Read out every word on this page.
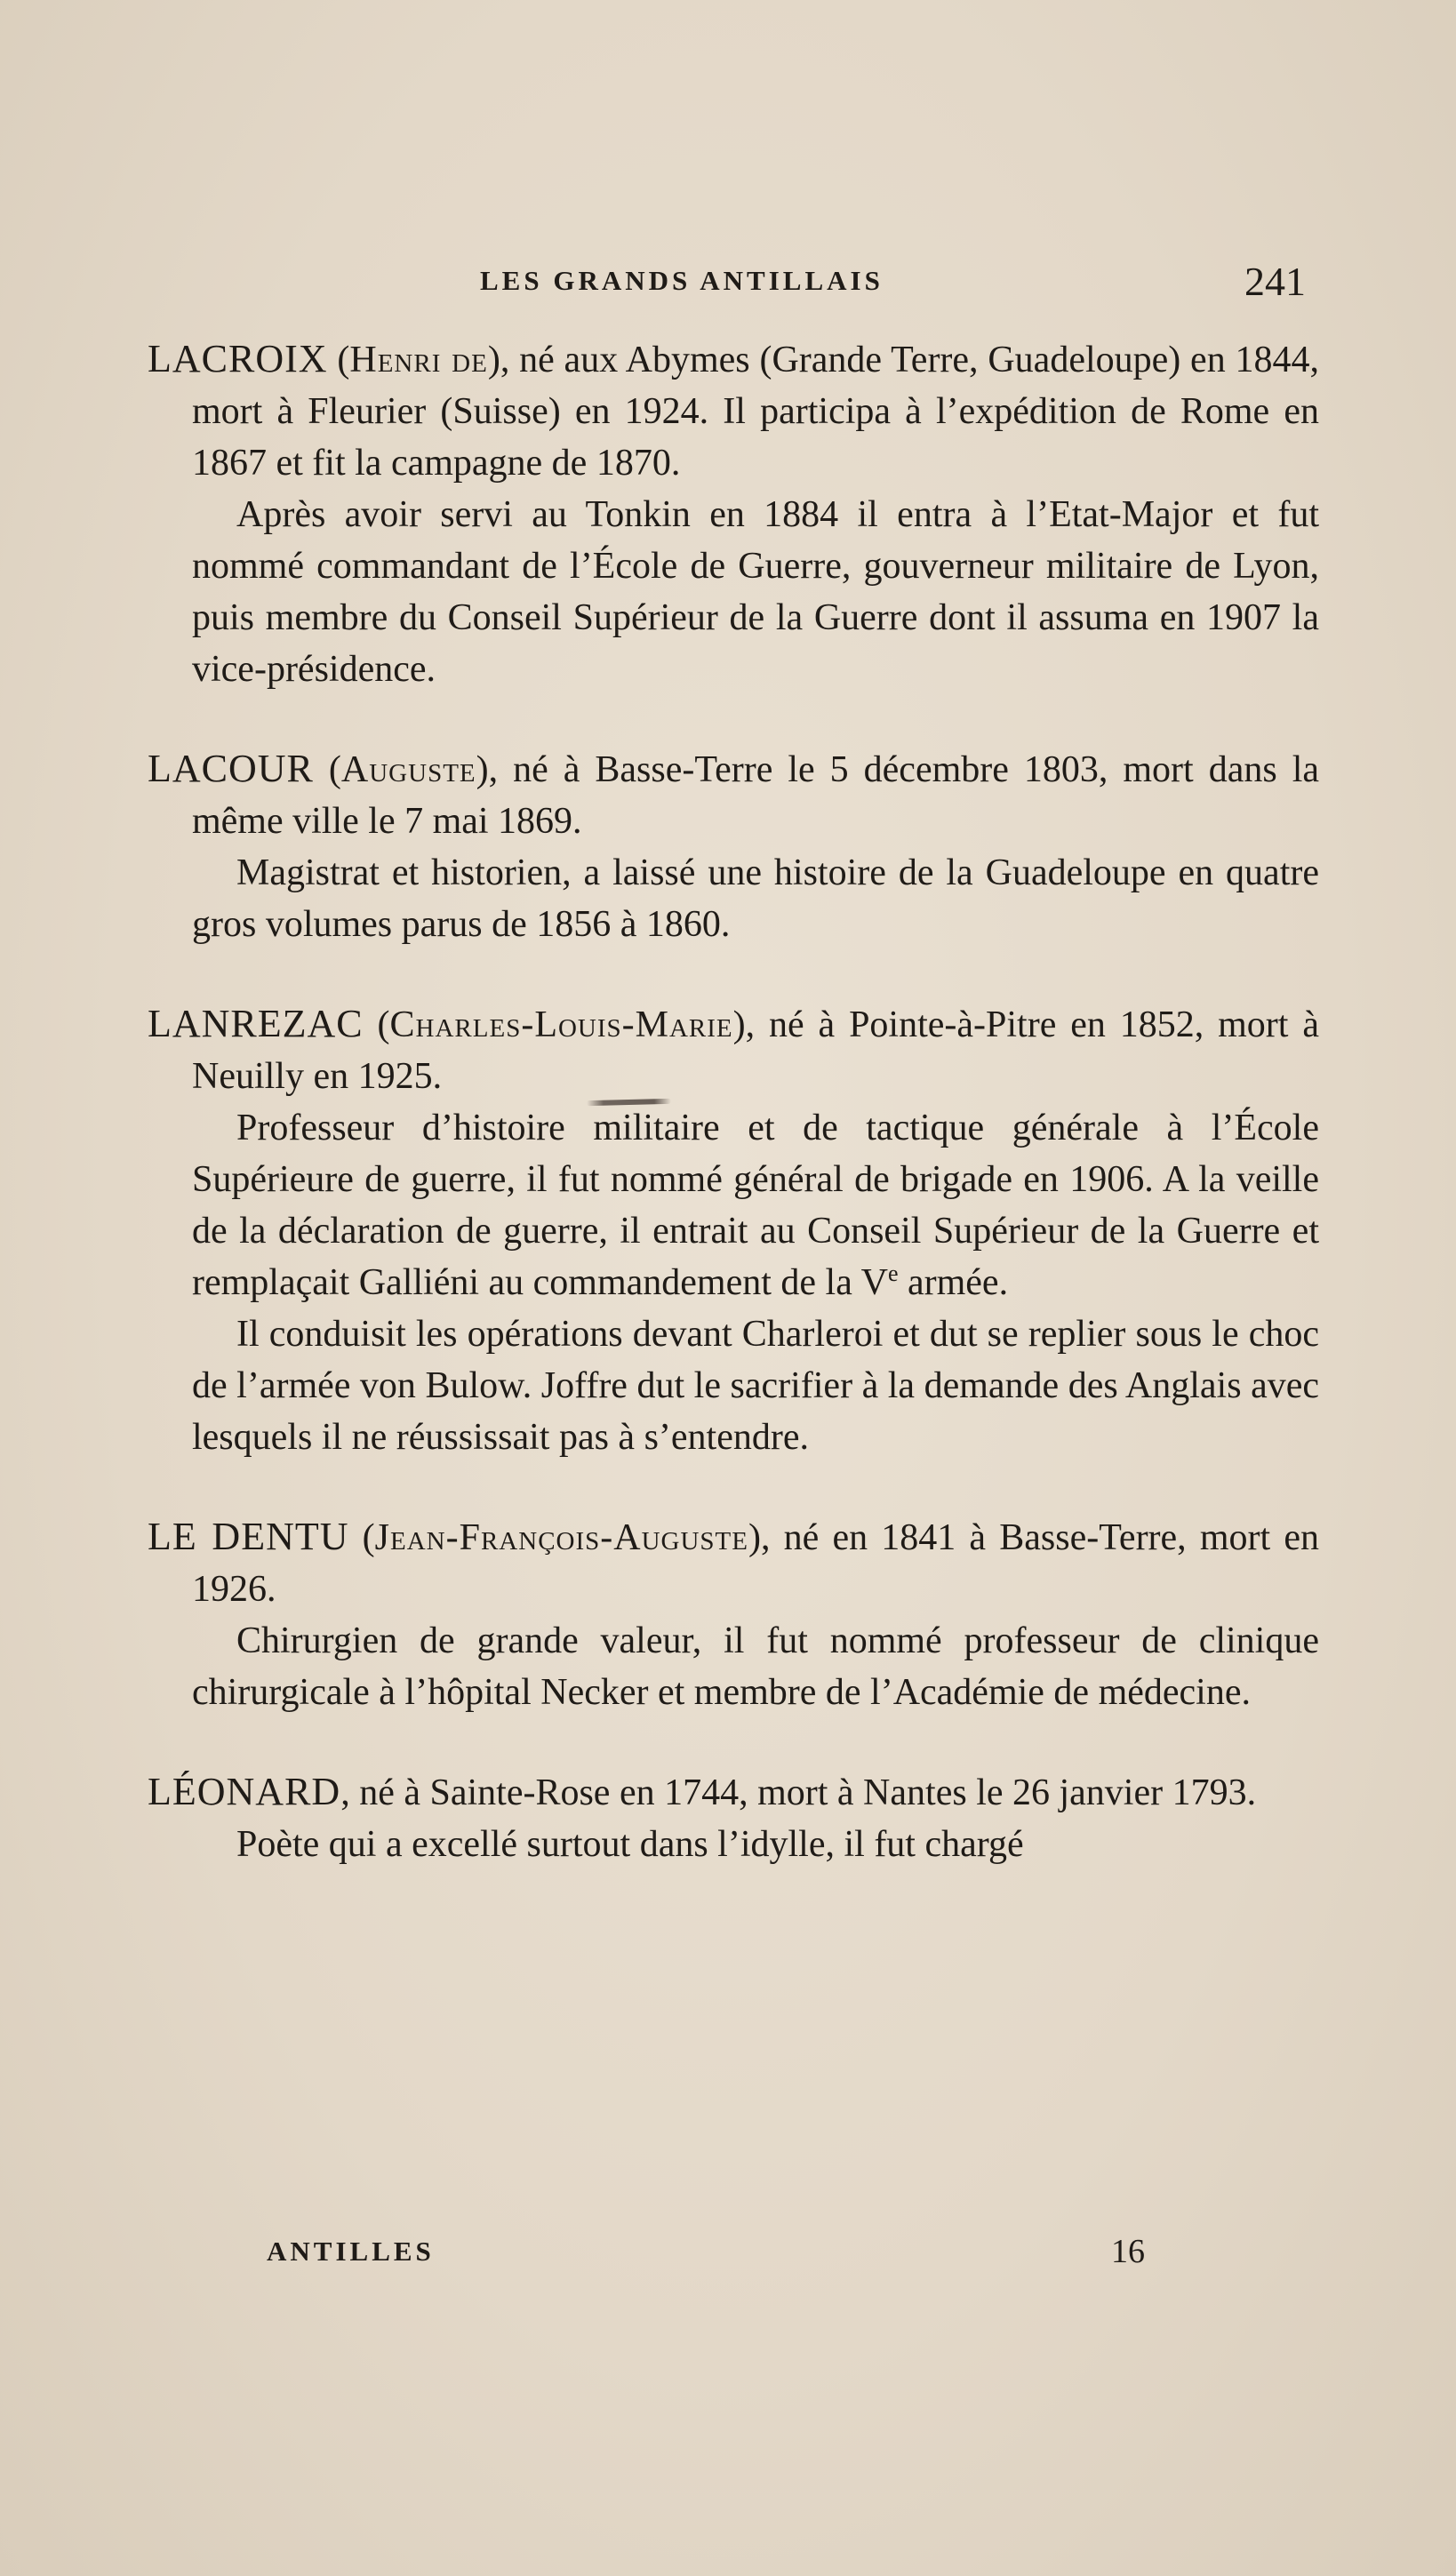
LES GRANDS ANTILLAIS	241

LACROIX (Henri de), né aux Abymes (Grande Terre, Guadeloupe) en 1844, mort à Fleurier (Suisse) en 1924. Il participa à l’expédition de Rome en 1867 et fit la campagne de 1870.

Après avoir servi au Tonkin en 1884 il entra à l’Etat-Major et fut nommé commandant de l’École de Guerre, gouverneur militaire de Lyon, puis membre du Conseil Supérieur de la Guerre dont il assuma en 1907 la vice-présidence.

LACOUR (Auguste), né à Basse-Terre le 5 décembre 1803, mort dans la même ville le 7 mai 1869.

Magistrat et historien, a laissé une histoire de la Guadeloupe en quatre gros volumes parus de 1856 à 1860.

LANREZAC (Charles-Louis-Marie), né à Pointe-à-Pitre en 1852, mort à Neuilly en 1925.

Professeur d’histoire militaire et de tactique générale à l’École Supérieure de guerre, il fut nommé général de brigade en 1906. A la veille de la déclaration de guerre, il entrait au Conseil Supérieur de la Guerre et remplaçait Galliéni au commandement de la Ve armée.

Il conduisit les opérations devant Charleroi et dut se replier sous le choc de l’armée von Bulow. Joffre dut le sacrifier à la demande des Anglais avec lesquels il ne réussissait pas à s’entendre.

LE DENTU (Jean-François-Auguste), né en 1841 à Basse-Terre, mort en 1926.

Chirurgien de grande valeur, il fut nommé professeur de clinique chirurgicale à l’hôpital Necker et membre de l’Académie de médecine.

LÉONARD, né à Sainte-Rose en 1744, mort à Nantes le 26 janvier 1793.

Poète qui a excellé surtout dans l’idylle, il fut chargé

ANTILLES	16
